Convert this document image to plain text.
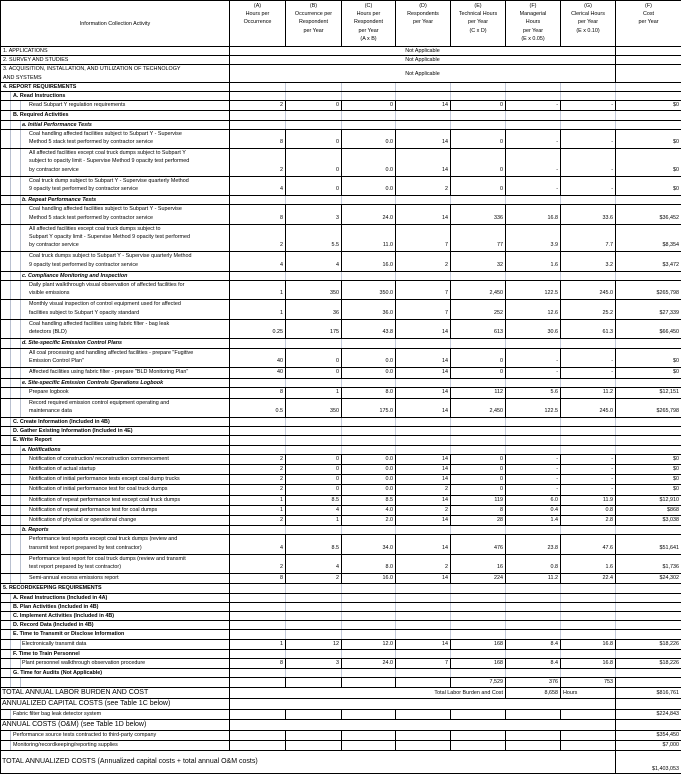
Information Collection Activity	(A)
Hours per
Occurrence	(B)
Occurrence per
Respondent
per Year	(C)
Hours per
Respondent
per Year
(A x B)	(D)
Respondents
per Year	(E)
Technical Hours
per Year
(C x D)	(F)
Managerial
Hours
per Year
(E x 0.05)	(G)
Clerical Hours
per Year
(E x 0.10)	(F)
Cost
per Year
1. APPLICATIONS	Not Applicable							
2. SURVEY AND STUDIES	Not Applicable							
3. ACQUISITION, INSTALLATION, AND UTILIZATION OF TECHNOLOGY
AND SYSTEMS	Not Applicable							
4. REPORT REQUIREMENTS								
A. Read Instructions								
Read Subpart Y regulation requirements	2	0	0	14	0	-	-	$0
B. Required Activities								
a. Initial Performance Tests								
Coal handling affected facilities subject to Subpart Y - Supervise
Method 5 stack test performed by contractor service	8	0	0.0	14	0	-	-	$0
All affected facilities except coal truck dumps subject to Subpart Y
subject to opacity limit - Supervise Method 9 opacity test performed
by contractor service	2	0	0.0	14	0	-	-	$0
Coal truck dump subject to Subpart Y - Supervise quarterly Method
9 opacity test performed by contractor service	4	0	0.0	2	0	-	-	$0
b. Repeat Performance Tests								
Coal handling affected facilities subject to Subpart Y - Supervise
Method 5 stack test performed by contractor service	8	3	24.0	14	336	16.8	33.6	$36,452
All affected facilities except coal truck dumps subject to
Subpart Y opacity limit - Supervise Method 9 opacity test performed
by contractor service	2	5.5	11.0	7	77	3.9	7.7	$8,354
Coal truck dumps subject to Subpart Y - Supervise quarterly Method
9 opacity test performed by contractor service	4	4	16.0	2	32	1.6	3.2	$3,472
c. Compliance Monitoring and Inspection								
Daily plant walkthrough visual observation of affected facilities for
visible emissions	1	350	350.0	7	2,450	122.5	245.0	$265,798
Monthly visual inspection of control equipment used for affected
facilities subject to Subpart Y opacity standard	1	36	36.0	7	252	12.6	25.2	$27,339
Coal handling affected facilities using fabric filter - bag leak
detectors (BLD)	0.25	175	43.8	14	613	30.6	61.3	$66,450
d. Site-specific Emission Control Plans								
All coal processing and handling affected facilities - prepare "Fugitive
Emission Control Plan"	40	0	0.0	14	0	-	-	$0
Affected facilities using fabric filter - prepare "BLD Monitoring Plan"	40	0	0.0	14	0	-	-	$0
e. Site-specific Emission Controls Operations Logbook								
Prepare logbook	8	1	8.0	14	112	5.6	11.2	$12,151
Record required emission control equipment operating and
maintenance data	0.5	350	175.0	14	2,450	122.5	245.0	$265,798
C. Create Information (Included in 4B)								
D. Gather Existing Information (Included in 4E)								
E. Write Report								
a. Notifications								
Notification of construction/ reconstruction commencement	2	0	0.0	14	0	-	-	$0
Notification of actual startup	2	0	0.0	14	0	-	-	$0
Notification of initial performance tests except coal dump trucks	2	0	0.0	14	0	-	-	$0
Notification of initial performance test for coal truck dumps	2	0	0.0	2	0	-	-	$0
Notification of repeat performance test except coal truck dumps	1	8.5	8.5	14	119	6.0	11.9	$12,910
Notification of repeat performance test for coal dumps	1	4	4.0	2	8	0.4	0.8	$868
Notification of physical or operational change	2	1	2.0	14	28	1.4	2.8	$3,038
b. Reports								
Performance test reports except coal truck dumps (review and
transmit test report prepared by test contractor)	4	8.5	34.0	14	476	23.8	47.6	$51,641
Performance test report for coal truck dumps (review and transmit
test report prepared by test contractor)	2	4	8.0	2	16	0.8	1.6	$1,736
Semi-annual excess emissions report	8	2	16.0	14	224	11.2	22.4	$24,302
5. RECORDKEEPING REQUIREMENTS								
A. Read Instructions (Included in 4A)								
B. Plan Activities (Included in 4B)								
C. Implement Activities (Included in 4B)								
D. Record Data (Included in 4B)								
E. Time to Transmit or Disclose Information								
Electronically transmit data	1	12	12.0	14	168	8.4	16.8	$18,226
F. Time to Train Personnel								
Plant personnel walkthrough observation procedure	8	3	24.0	7	168	8.4	16.8	$18,226
G. Time for Audits (Not Applicable)								
					7,529	376	753	
TOTAL ANNUAL LABOR BURDEN AND COST	Total Labor Burden and Cost					8,658	Hours	$816,761
ANNUALIZED CAPITAL COSTS (see Table 1C below)								
Fabric filter bag leak detector system								$224,843
ANNUAL COSTS (O&M) (see Table 1D below)								
Performance source tests contracted to third-party company								$354,450
Monitoring/recordkeeping/reporting supplies								$7,000
TOTAL ANNUALIZED COSTS (Annualized capital costs + total annual O&M costs)								$1,403,053
